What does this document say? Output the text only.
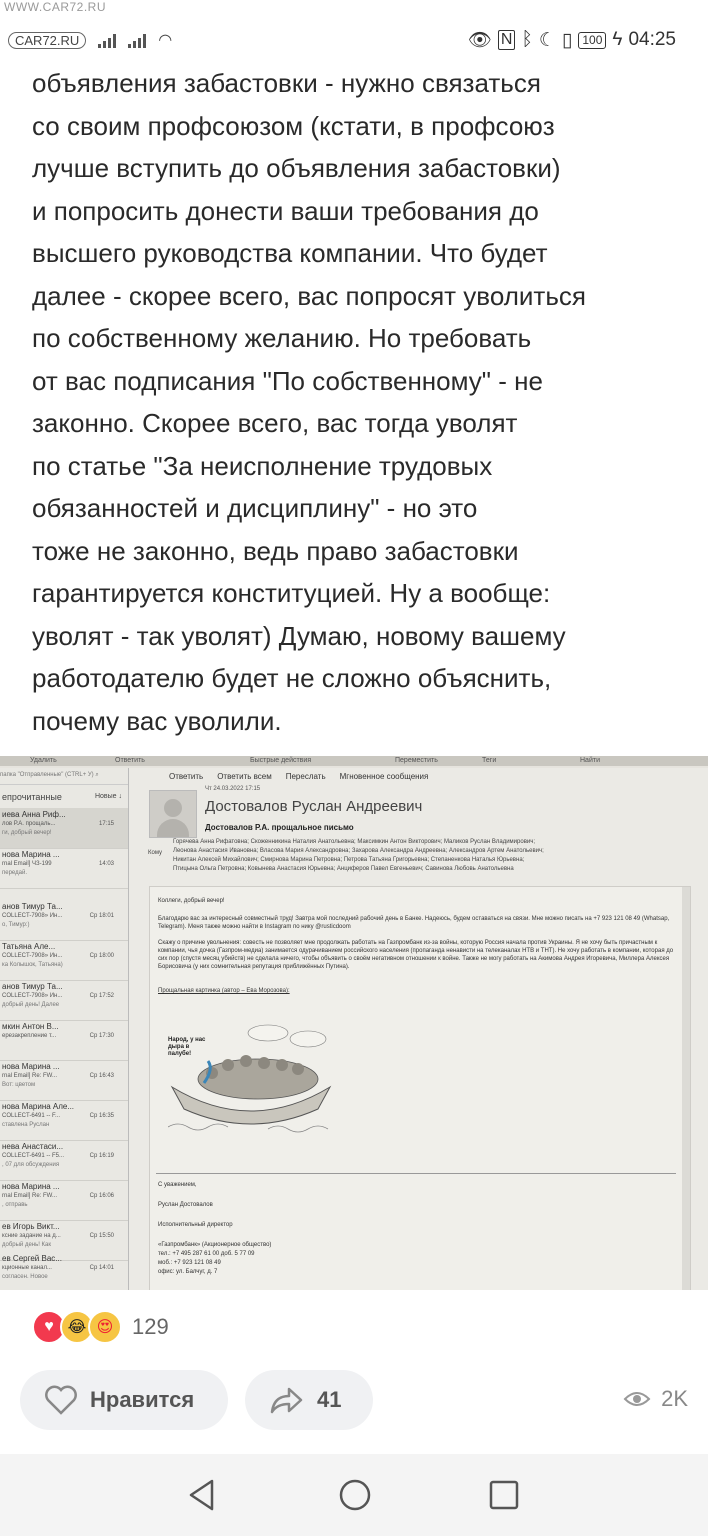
WWW.CAR72.RU
CAR72.RU	◠	👁 N ᛒ ☾ ▯ 100 ϟ 04:25
объявления забастовки - нужно связаться
со своим профсоюзом (кстати, в профсоюз
лучше вступить до объявления забастовки)
и попросить донести ваши требования до
высшего руководства компании. Что будет
далее - скорее всего, вас попросят уволиться
по собственному желанию. Но требовать
от вас подписания "По собственному" - не
законно. Скорее всего, вас тогда уволят
по статье "За неисполнение трудовых
обязанностей и дисциплину" - но это
тоже не законно, ведь право забастовки
гарантируется конституцией. Ну а вообще:
уволят - так уволят) Думаю, новому вашему
работодателю будет не сложно объяснить,
почему вас уволили.
Удалить	Ответить	Быстрые действия	Переместить	Теги	Найти
папка "Отправленные" (CTRL+ У) ⌕
епрочитанные	Новые ↓
иева Анна Риф...
лов Р.А. прощаль...
ги, добрый вечер!
17:15
нова Марина ...
rnal Email] ЧЗ-199
передай.
14:03
анов Тимур Та...
COLLECT-7908» Ин...
о, Тимур:)
Ср 18:01
Татьяна Але...
COLLECT-7908» Ин...
ка Колышок, Татьяна)
Ср 18:00
анов Тимур Та...
COLLECT-7908» Ин...
добрый день! Далее
Ср 17:52
мкин Антон В...
ерезакрепление т...	Ср 17:30
нова Марина ...
rnal Email] Re: FW...
Вот: цветом
Ср 16:43
нова Марина Але...
COLLECT-6491 -- F...
ставлена Руслан
Ср 16:35
нева Анастаси...
COLLECT-6491 -- F5...
, 07 для обсуждения
Ср 16:19
нова Марина ...
rnal Email] Re: FW...
, отправь
Ср 16:06
ев Игорь Викт...
ксние задание на д...
добрый день! Как
Ср 15:50
ев Сергей Вас...
кционные канал...
согласен. Новое
Ср 14:01
Ответить Ответить всем Переслать Мгновенное сообщения
Чт 24.03.2022 17:15
Достовалов Руслан Андреевич
Достовалов Р.А. прощальное письмо
Кому
Горячева Анна Рифатовна; Скоженникина Наталия Анатольевна; Максимкин Антон Викторович; Маликов Руслан Владимирович;
Леонова Анастасия Ивановна; Власова Мария Александровна; Захарова Александра Андреевна; Александров Артем Анатольевич;
Никитан Алексей Михайлович; Смирнова Марина Петровна; Петрова Татьяна Григорьевна; Степаненкова Наталья Юрьевна;
Птицына Ольга Петровна; Ковынева Анастасия Юрьевна; Анциферов Павел Евгеньевич; Савинова Любовь Анатольевна
Коллеги, добрый вечер!
Благодарю вас за интересный совместный труд! Завтра мой последний рабочий день в Банке. Надеюсь, будем оставаться на связи. Мне можно писать на +7 923 121 08 49 (Whatsap, Telegram). Меня также можно найти в Instagram по нику @rusticdoom
Скажу о причине увольнения: совесть не позволяет мне продолжать работать на Газпромбанк из-за войны, которую Россия начала против Украины. Я не хочу быть причастным к компании, чья дочка (Газпром-медиа) занимается одурачиванием российского населения (пропаганда ненависти на телеканалах НТВ и ТНТ). Не хочу работать в компании, которая до сих пор (спустя месяц убийств) не сделала ничего, чтобы объявить о своём негативном отношении к войне. Также не могу работать на Акимова Андрея Игоревича, Миллера Алексея Борисовича (у них сомнительная репутация приближённых Путина).
Прощальная картинка (автор – Ева Морозова):
Народ, у нас дыра в палубе!
С уважением,
Руслан Достовалов
Исполнительный директор
«Газпромбанк» (Акционерное общество)
тел.: +7 495 287 61 00 доб. 5 77 09
моб.: +7 923 121 08 49
офис: ул. Балчуг, д. 7
♥ 😂 😍 129
Нравится	41	2K
